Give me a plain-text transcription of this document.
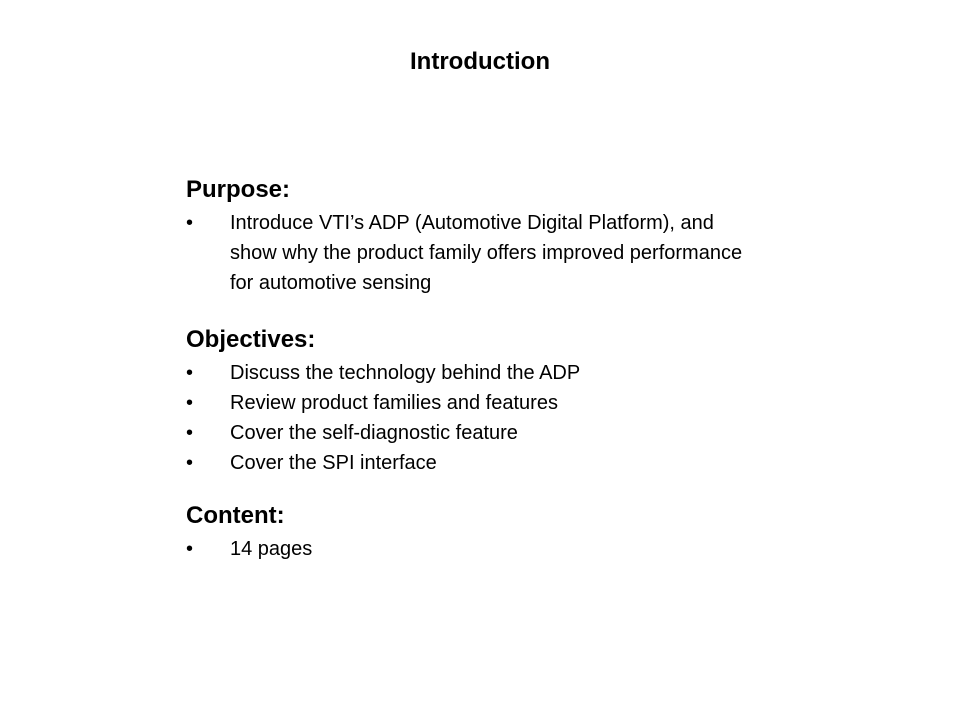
Introduction
Purpose:
• Introduce VTI’s ADP (Automotive Digital Platform), and show why the product family offers improved performance for automotive sensing
Objectives:
• Discuss the technology behind the ADP
• Review product families and features
• Cover the self-diagnostic feature
• Cover the SPI interface
Content:
• 14 pages
